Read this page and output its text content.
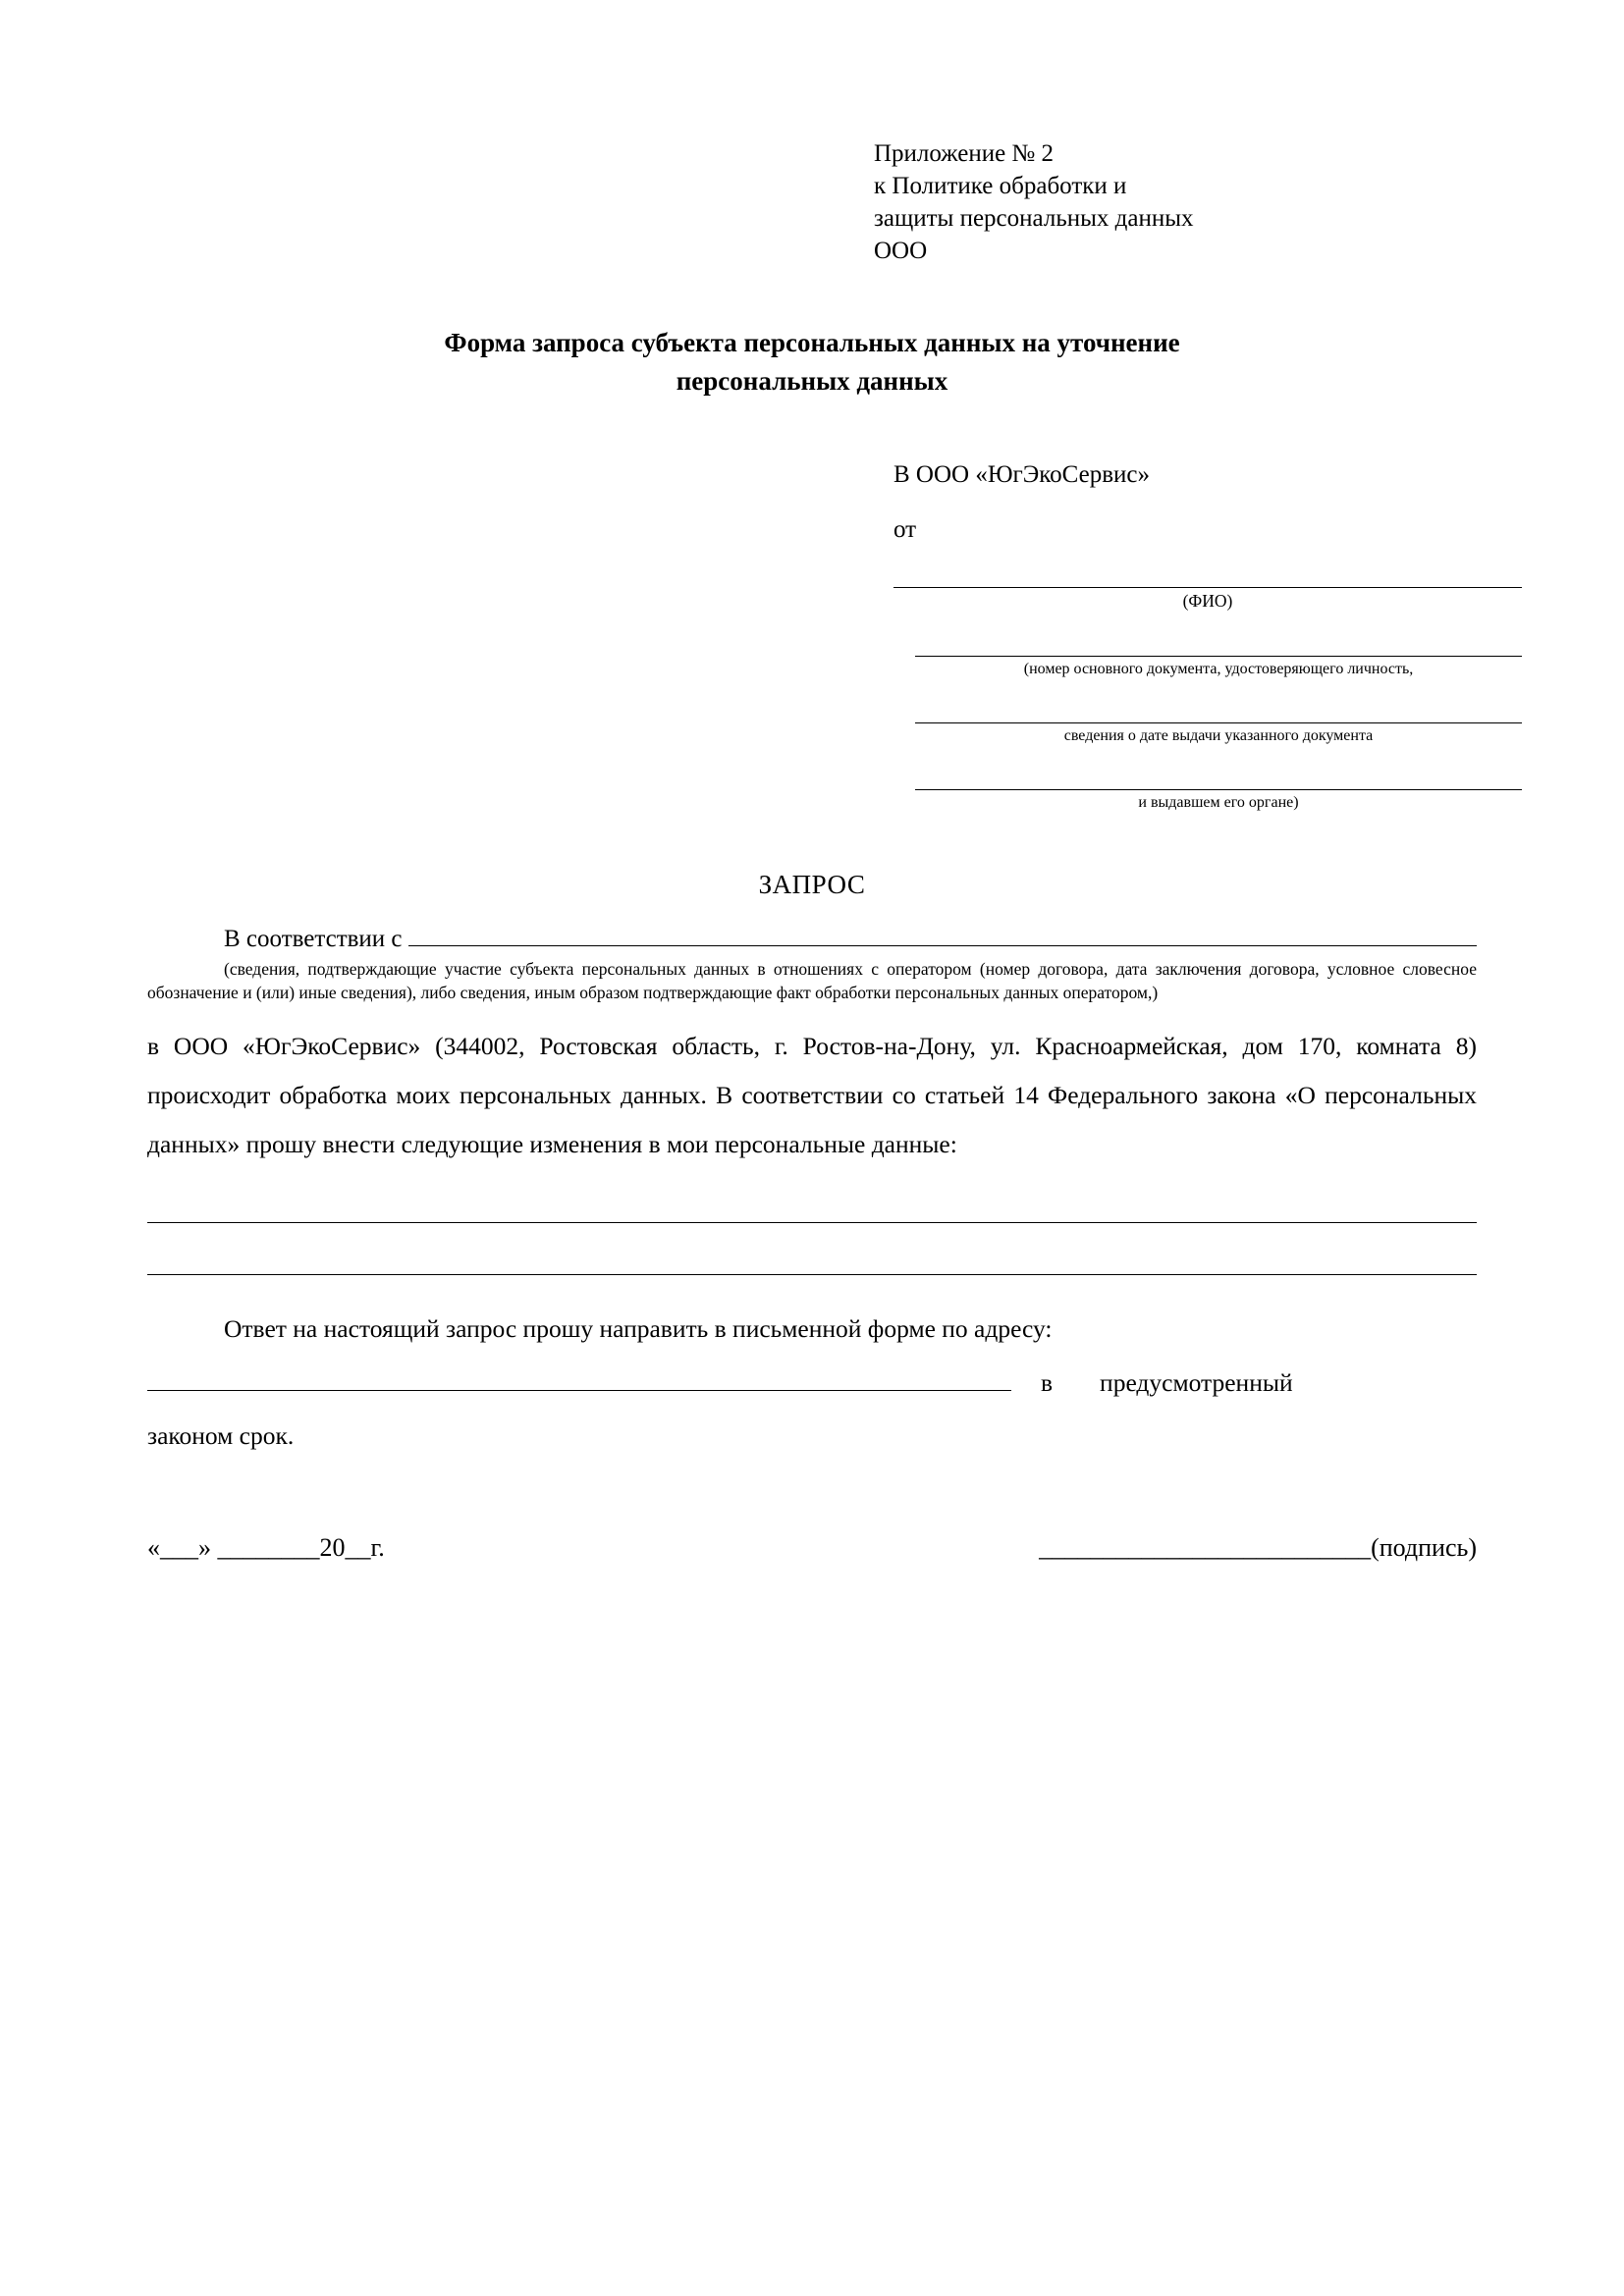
Приложение № 2
к Политике обработки и
защиты персональных данных
ООО
Форма запроса субъекта персональных данных на уточнение
персональных данных
В ООО «ЮгЭкоСервис»
от
(ФИО)
(номер основного документа, удостоверяющего личность,
сведения о дате выдачи указанного документа
и выдавшем его органе)
ЗАПРОС
В соответствии с
(сведения, подтверждающие участие субъекта персональных данных в отношениях с оператором (номер договора, дата заключения договора, условное словесное обозначение и (или) иные сведения), либо сведения, иным образом подтверждающие факт обработки персональных данных оператором,)
в ООО «ЮгЭкоСервис» (344002, Ростовская область, г. Ростов-на-Дону, ул. Красноармейская, дом 170, комната 8) происходит обработка моих персональных данных. В соответствии со статьей 14 Федерального закона «О персональных данных» прошу внести следующие изменения в мои персональные данные:
Ответ на настоящий запрос прошу направить в письменной форме по адресу:
в предусмотренный
законом срок.
«___» ________20__г.	__________________________(подпись)
